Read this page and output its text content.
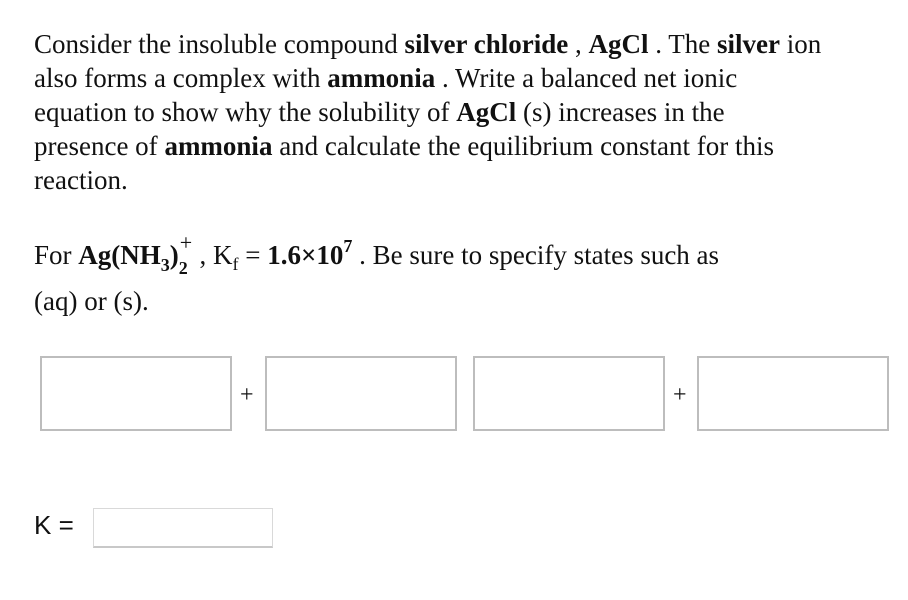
Consider the insoluble compound silver chloride , AgCl . The silver ion also forms a complex with ammonia . Write a balanced net ionic equation to show why the solubility of AgCl (s) increases in the presence of ammonia and calculate the equilibrium constant for this reaction.
For $Ag(NH_3)$ +
2 , $K_f = 1.6\times 10^7$ . Be sure to specify states such as
(aq) or (s).
+	+
K =
